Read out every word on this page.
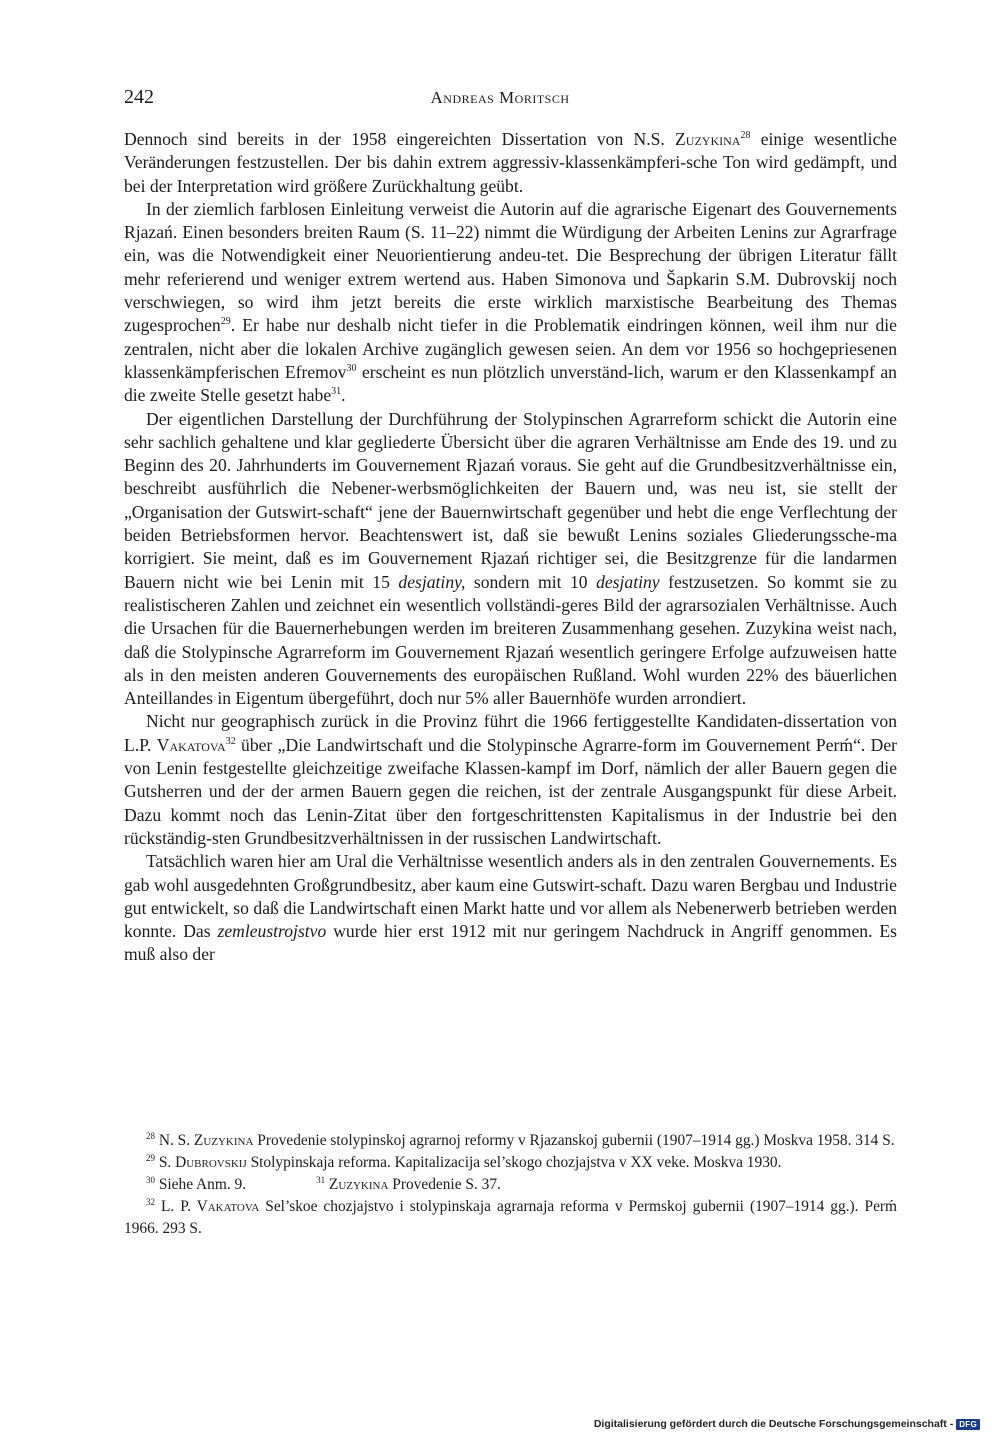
242	Andreas Moritsch

Dennoch sind bereits in der 1958 eingereichten Dissertation von N.S. Zuzykina$^{28}$ einige wesentliche Veränderungen festzustellen. Der bis dahin extrem aggressiv-klassenkämpferi-sche Ton wird gedämpft, und bei der Interpretation wird größere Zurückhaltung geübt.

In der ziemlich farblosen Einleitung verweist die Autorin auf die agrarische Eigenart des Gouvernements Rjazań. Einen besonders breiten Raum (S. 11–22) nimmt die Würdigung der Arbeiten Lenins zur Agrarfrage ein, was die Notwendigkeit einer Neuorientierung andeu-tet. Die Besprechung der übrigen Literatur fällt mehr referierend und weniger extrem wertend aus. Haben Simonova und Šapkarin S.M. Dubrovskij noch verschwiegen, so wird ihm jetzt bereits die erste wirklich marxistische Bearbeitung des Themas zugesprochen$^{29}$. Er habe nur deshalb nicht tiefer in die Problematik eindringen können, weil ihm nur die zentralen, nicht aber die lokalen Archive zugänglich gewesen seien. An dem vor 1956 so hochgepriesenen klassenkämpferischen Efremov$^{30}$ erscheint es nun plötzlich unverständ-lich, warum er den Klassenkampf an die zweite Stelle gesetzt habe$^{31}$.

Der eigentlichen Darstellung der Durchführung der Stolypinschen Agrarreform schickt die Autorin eine sehr sachlich gehaltene und klar gegliederte Übersicht über die agraren Verhältnisse am Ende des 19. und zu Beginn des 20. Jahrhunderts im Gouvernement Rjazań voraus. Sie geht auf die Grundbesitzverhältnisse ein, beschreibt ausführlich die Nebener-werbsmöglichkeiten der Bauern und, was neu ist, sie stellt der „Organisation der Gutswirt-schaft“ jene der Bauernwirtschaft gegenüber und hebt die enge Verflechtung der beiden Betriebsformen hervor. Beachtenswert ist, daß sie bewußt Lenins soziales Gliederungssche-ma korrigiert. Sie meint, daß es im Gouvernement Rjazań richtiger sei, die Besitzgrenze für die landarmen Bauern nicht wie bei Lenin mit 15 desjatiny, sondern mit 10 desjatiny festzusetzen. So kommt sie zu realistischeren Zahlen und zeichnet ein wesentlich vollständi-geres Bild der agrarsozialen Verhältnisse. Auch die Ursachen für die Bauernerhebungen werden im breiteren Zusammenhang gesehen. Zuzykina weist nach, daß die Stolypinsche Agrarreform im Gouvernement Rjazań wesentlich geringere Erfolge aufzuweisen hatte als in den meisten anderen Gouvernements des europäischen Rußland. Wohl wurden 22% des bäuerlichen Anteillandes in Eigentum übergeführt, doch nur 5% aller Bauernhöfe wurden arrondiert.

Nicht nur geographisch zurück in die Provinz führt die 1966 fertiggestellte Kandidaten-dissertation von L.P. Vakatova$^{32}$ über „Die Landwirtschaft und die Stolypinsche Agrarre-form im Gouvernement Perḿ“. Der von Lenin festgestellte gleichzeitige zweifache Klassen-kampf im Dorf, nämlich der aller Bauern gegen die Gutsherren und der der armen Bauern gegen die reichen, ist der zentrale Ausgangspunkt für diese Arbeit. Dazu kommt noch das Lenin-Zitat über den fortgeschrittensten Kapitalismus in der Industrie bei den rückständig-sten Grundbesitzverhältnissen in der russischen Landwirtschaft.

Tatsächlich waren hier am Ural die Verhältnisse wesentlich anders als in den zentralen Gouvernements. Es gab wohl ausgedehnten Großgrundbesitz, aber kaum eine Gutswirt-schaft. Dazu waren Bergbau und Industrie gut entwickelt, so daß die Landwirtschaft einen Markt hatte und vor allem als Nebenerwerb betrieben werden konnte. Das zemleustrojstvo wurde hier erst 1912 mit nur geringem Nachdruck in Angriff genommen. Es muß also der

$^{28}$ N. S. Zuzykina Provedenie stolypinskoj agrarnoj reformy v Rjazanskoj gubernii (1907–1914 gg.) Moskva 1958. 314 S.

$^{29}$ S. Dubrovskij Stolypinskaja reforma. Kapitalizacija sel’skogo chozjajstva v XX veke. Moskva 1930.

$^{30}$ Siehe Anm. 9.	$^{31}$ Zuzykina Provedenie S. 37.

$^{32}$ L. P. Vakatova Sel’skoe chozjajstvo i stolypinskaja agrarnaja reforma v Permskoj gubernii (1907–1914 gg.). Perḿ 1966. 293 S.

Digitalisierung gefördert durch die Deutsche Forschungsgemeinschaft - DFG
